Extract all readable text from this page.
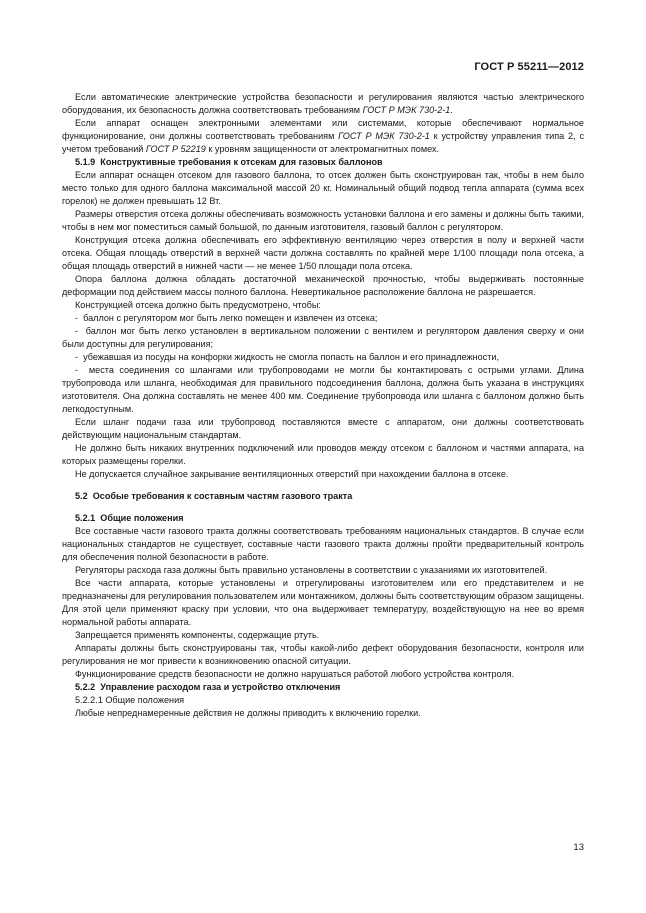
ГОСТ Р 55211—2012

Если автоматические электрические устройства безопасности и регулирования являются частью электрического оборудования, их безопасность должна соответствовать требованиям ГОСТ Р МЭК 730-2-1.

Если аппарат оснащен электронными элементами или системами, которые обеспечивают нормальное функционирование, они должны соответствовать требованиям ГОСТ Р МЭК 730-2-1 к устройству управления типа 2, с учетом требований ГОСТ Р 52219 к уровням защищенности от электромагнитных помех.

5.1.9  Конструктивные требования к отсекам для газовых баллонов

Если аппарат оснащен отсеком для газового баллона, то отсек должен быть сконструирован так, чтобы в нем было место только для одного баллона максимальной массой 20 кг. Номинальный общий подвод тепла аппарата (сумма всех горелок) не должен превышать 12 Вт.

Размеры отверстия отсека должны обеспечивать возможность установки баллона и его замены и должны быть такими, чтобы в нем мог поместиться самый большой, по данным изготовителя, газовый баллон с регулятором.

Конструкция отсека должна обеспечивать его эффективную вентиляцию через отверстия в полу и верхней части отсека. Общая площадь отверстий в верхней части должна составлять по крайней мере 1/100 площади пола отсека, а общая площадь отверстий в нижней части — не менее 1/50 площади пола отсека.

Опора баллона должна обладать достаточной механической прочностью, чтобы выдерживать постоянные деформации под действием массы полного баллона. Невертикальное расположение баллона не разрешается.

Конструкцией отсека должно быть предусмотрено, чтобы:

-  баллон с регулятором мог быть легко помещен и извлечен из отсека;

-  баллон мог быть легко установлен в вертикальном положении с вентилем и регулятором давления сверху и они были доступны для регулирования;

-  убежавшая из посуды на конфорки жидкость не смогла попасть на баллон и его принадлежности,

-  места соединения со шлангами или трубопроводами не могли бы контактировать с острыми углами. Длина трубопровода или шланга, необходимая для правильного подсоединения баллона, должна быть указана в инструкциях изготовителя. Она должна составлять не менее 400 мм. Соединение трубопровода или шланга с баллоном должно быть легкодоступным.

Если шланг подачи газа или трубопровод поставляются вместе с аппаратом, они должны соответствовать действующим национальным стандартам.

Не должно быть никаких внутренних подключений или проводов между отсеком с баллоном и частями аппарата, на которых размещены горелки.

Не допускается случайное закрывание вентиляционных отверстий при нахождении баллона в отсеке.

5.2  Особые требования к составным частям газового тракта

5.2.1  Общие положения

Все составные части газового тракта должны соответствовать требованиям национальных стандартов. В случае если национальных стандартов не существует, составные части газового тракта должны пройти предварительный контроль для обеспечения полной безопасности в работе.

Регуляторы расхода газа должны быть правильно установлены в соответствии с указаниями их изготовителей.

Все части аппарата, которые установлены и отрегулированы изготовителем или его представителем и не предназначены для регулирования пользователем или монтажником, должны быть соответствующим образом защищены. Для этой цели применяют краску при условии, что она выдерживает температуру, воздействующую на нее во время нормальной работы аппарата.

Запрещается применять компоненты, содержащие ртуть.

Аппараты должны быть сконструированы так, чтобы какой-либо дефект оборудования безопасности, контроля или регулирования не мог привести к возникновению опасной ситуации.

Функционирование средств безопасности не должно нарушаться работой любого устройства контроля.

5.2.2  Управление расходом газа и устройство отключения

5.2.2.1 Общие положения

Любые непреднамеренные действия не должны приводить к включению горелки.

13
